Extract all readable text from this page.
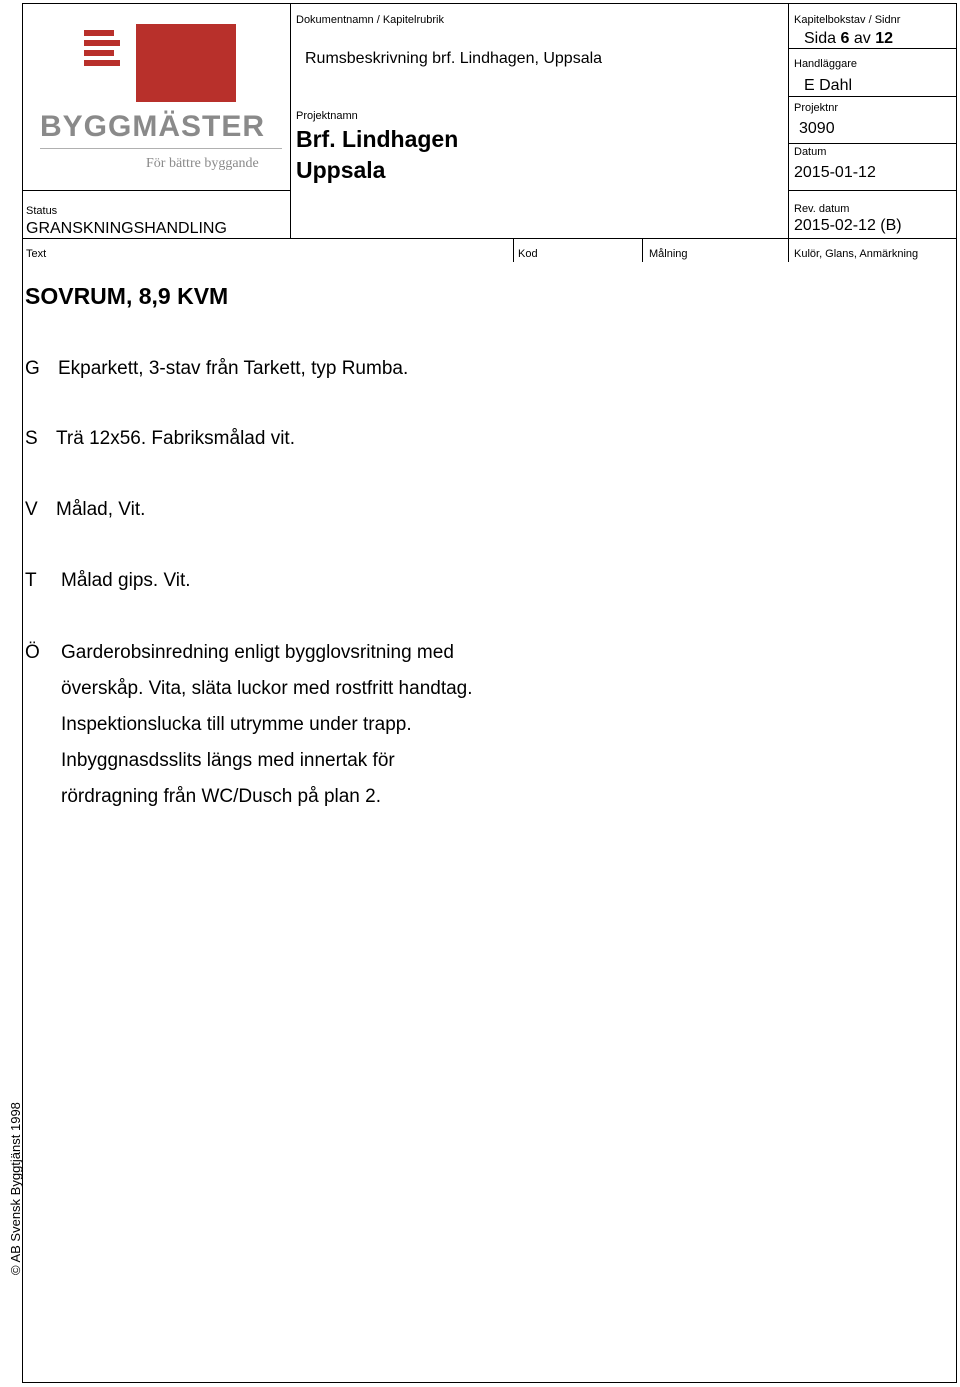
BYGGMÄSTER
För bättre byggande
Dokumentnamn / Kapitelrubrik
Rumsbeskrivning brf. Lindhagen, Uppsala
Projektnamn
Brf. Lindhagen
Uppsala
Kapitelbokstav / Sidnr
Sida 6 av 12
Handläggare
E Dahl
Projektnr
3090
Datum
2015-01-12
Status
GRANSKNINGSHANDLING
Rev. datum
2015-02-12 (B)
Text	Kod	Målning	Kulör, Glans, Anmärkning
SOVRUM, 8,9 KVM
G Ekparkett, 3-stav från Tarkett, typ Rumba.
S Trä 12x56. Fabriksmålad vit.
V Målad, Vit.
T Målad gips. Vit.
Ö Garderobsinredning enligt bygglovsritning med
överskåp. Vita, släta luckor med rostfritt handtag.
Inspektionslucka till utrymme under trapp.
Inbyggnasdsslits längs med innertak för
rördragning från WC/Dusch på plan 2.
© AB Svensk Byggtjänst 1998
